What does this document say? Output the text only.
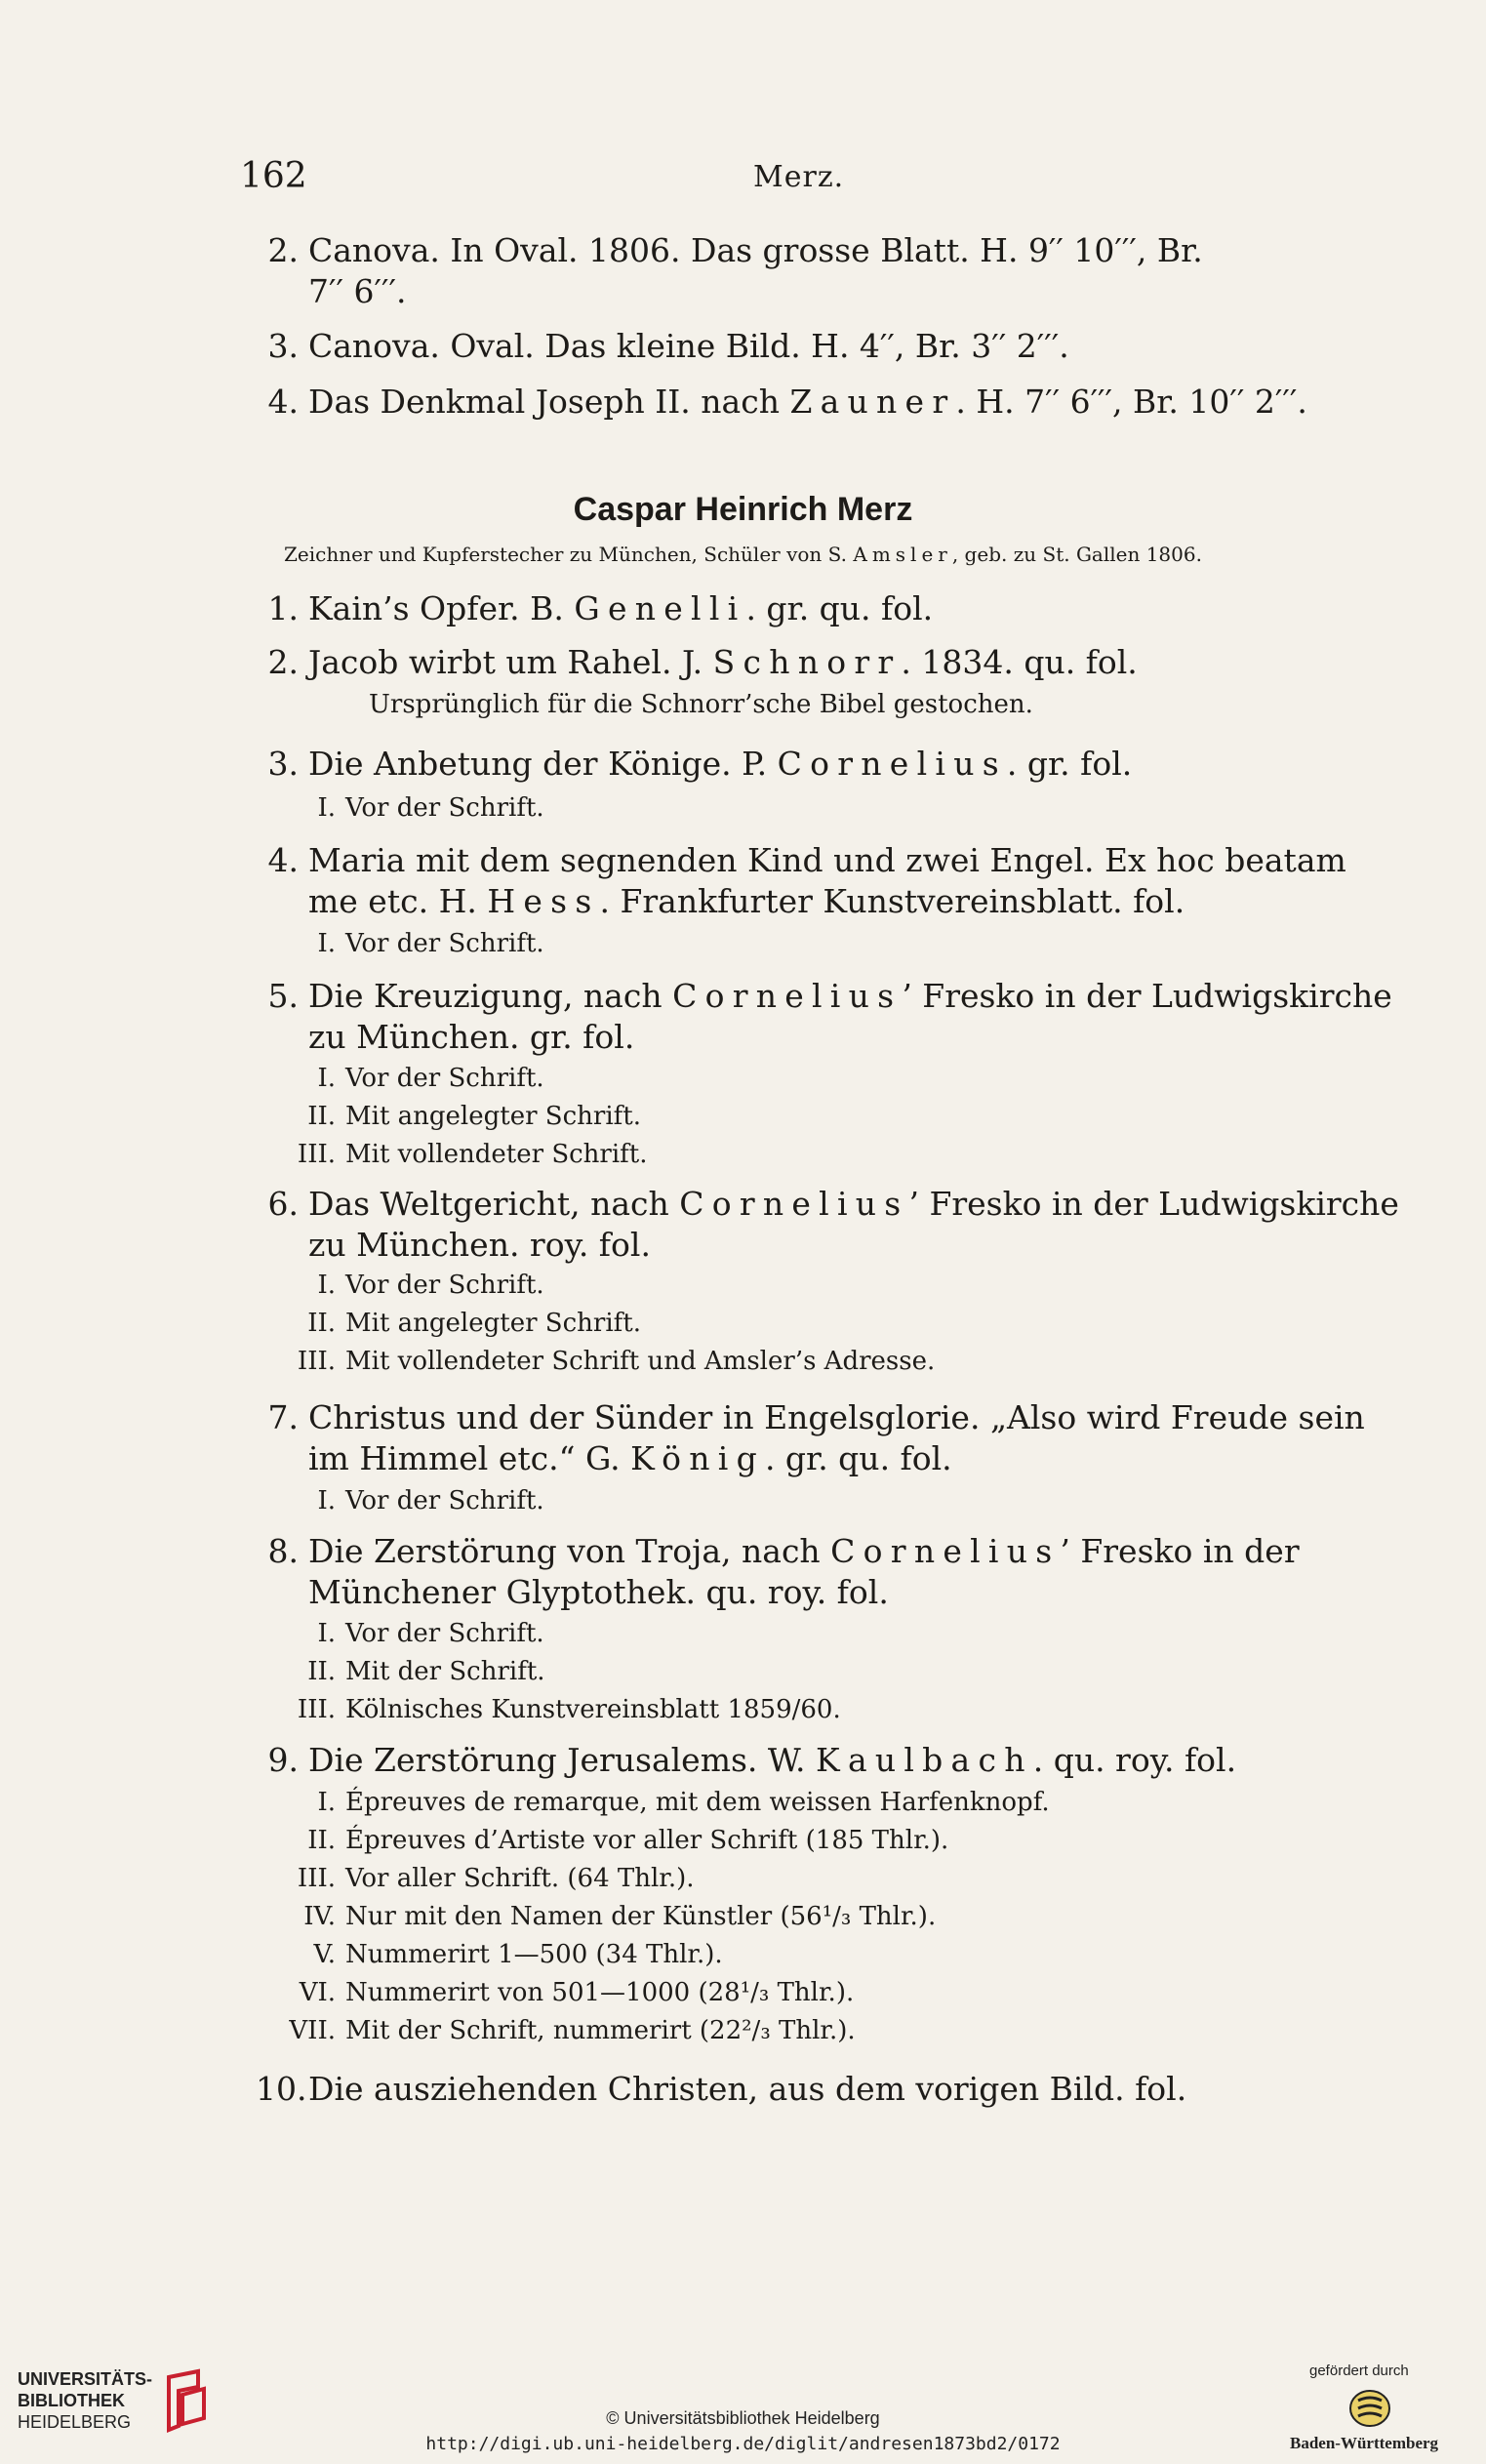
162	Merz.
2. Canova. In Oval. 1806. Das grosse Blatt. H. 9′′ 10′′′, Br.
7′′ 6′′′.
3. Canova. Oval. Das kleine Bild. H. 4′′, Br. 3′′ 2′′′.
4. Das Denkmal Joseph II. nach Zauner. H. 7′′ 6′′′, Br. 10′′ 2′′′.
Caspar Heinrich Merz
Zeichner und Kupferstecher zu München, Schüler von S. Amsler, geb. zu St. Gallen 1806.
1. Kain’s Opfer. B. Genelli. gr. qu. fol.
2. Jacob wirbt um Rahel. J. Schnorr. 1834. qu. fol.
Ursprünglich für die Schnorr’sche Bibel gestochen.
3. Die Anbetung der Könige. P. Cornelius. gr. fol.
I. Vor der Schrift.
4. Maria mit dem segnenden Kind und zwei Engel. Ex hoc beatam
me etc. H. Hess. Frankfurter Kunstvereinsblatt. fol.
I. Vor der Schrift.
5. Die Kreuzigung, nach Cornelius’ Fresko in der Ludwigskirche
zu München. gr. fol.
I. Vor der Schrift.
II. Mit angelegter Schrift.
III. Mit vollendeter Schrift.
6. Das Weltgericht, nach Cornelius’ Fresko in der Ludwigskirche
zu München. roy. fol.
I. Vor der Schrift.
II. Mit angelegter Schrift.
III. Mit vollendeter Schrift und Amsler’s Adresse.
7. Christus und der Sünder in Engelsglorie. „Also wird Freude sein
im Himmel etc.“ G. König. gr. qu. fol.
I. Vor der Schrift.
8. Die Zerstörung von Troja, nach Cornelius’ Fresko in der
Münchener Glyptothek. qu. roy. fol.
I. Vor der Schrift.
II. Mit der Schrift.
III. Kölnisches Kunstvereinsblatt 1859/60.
9. Die Zerstörung Jerusalems. W. Kaulbach. qu. roy. fol.
I. Épreuves de remarque, mit dem weissen Harfenknopf.
II. Épreuves d’Artiste vor aller Schrift (185 Thlr.).
III. Vor aller Schrift. (64 Thlr.).
IV. Nur mit den Namen der Künstler (56¹/₃ Thlr.).
V. Nummerirt 1—500 (34 Thlr.).
VI. Nummerirt von 501—1000 (28¹/₃ Thlr.).
VII. Mit der Schrift, nummerirt (22²/₃ Thlr.).
10. Die ausziehenden Christen, aus dem vorigen Bild. fol.
UNIVERSITÄTS-
BIBLIOTHEK
HEIDELBERG	© Universitätsbibliothek Heidelberg
http://digi.ub.uni-heidelberg.de/diglit/andresen1873bd2/0172
gefördert durch
Baden-Württemberg
